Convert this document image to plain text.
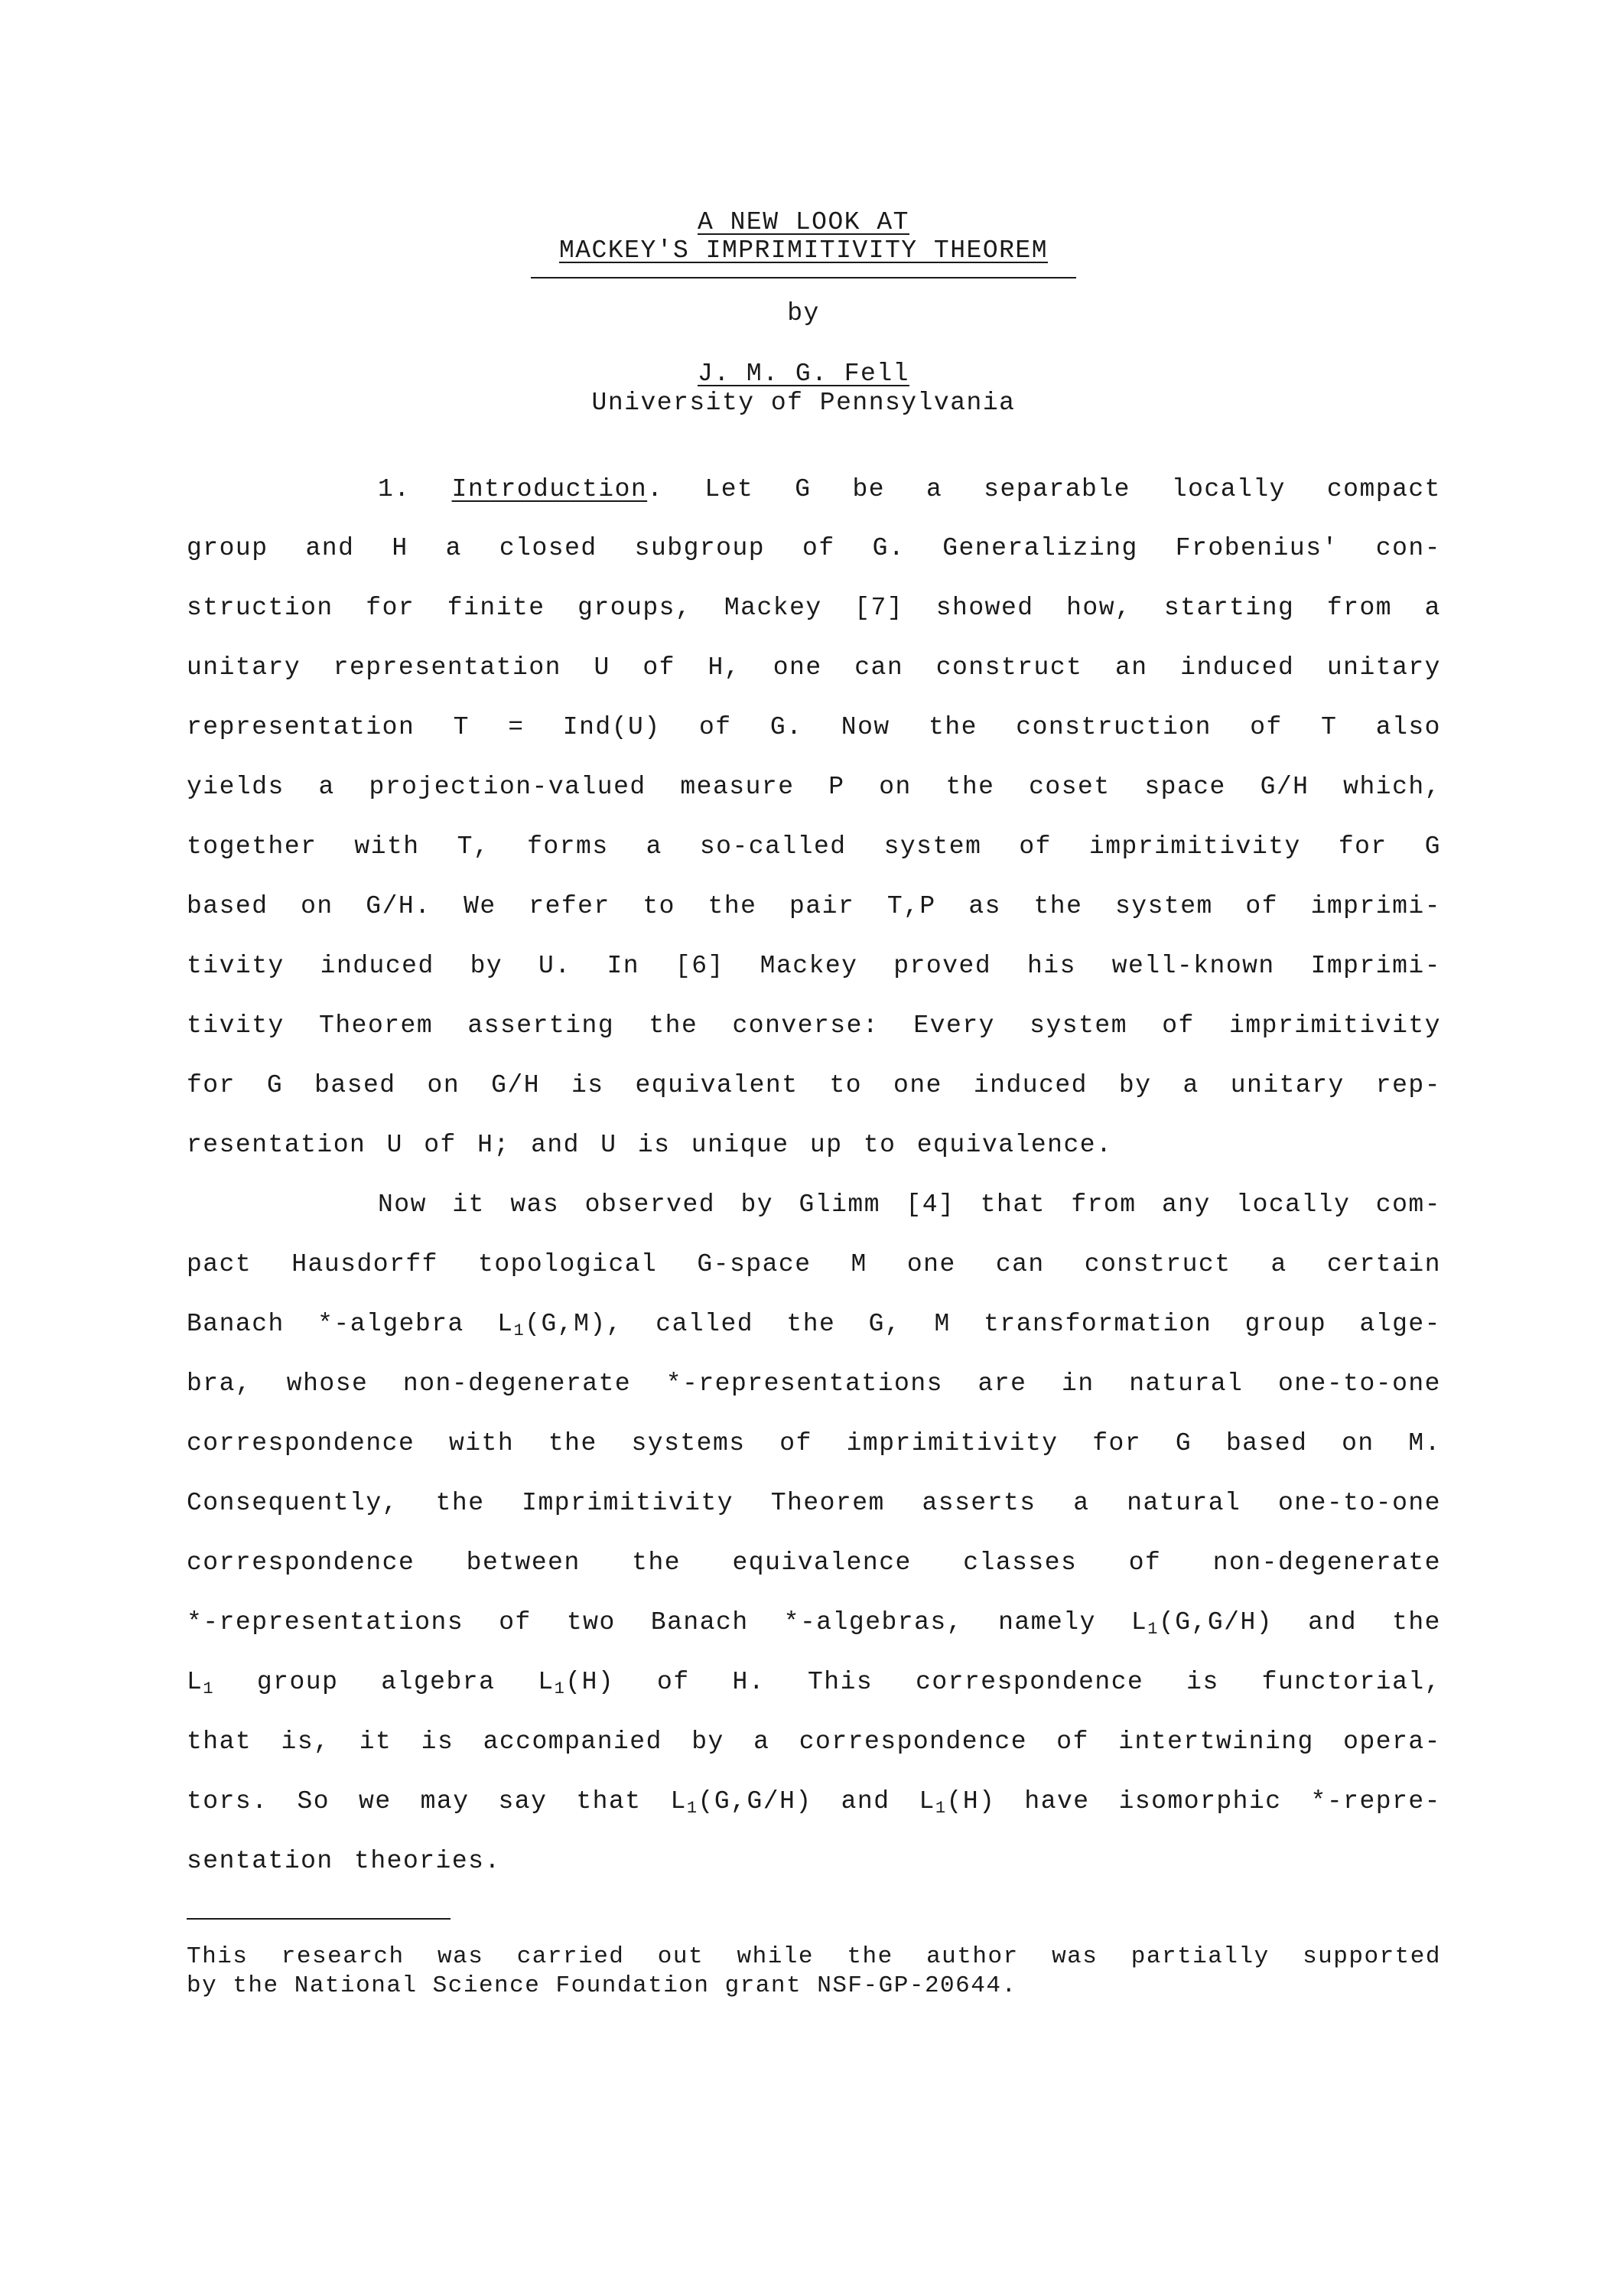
A NEW LOOK AT
MACKEY'S IMPRIMITIVITY THEOREM
by
J. M. G. Fell
University of Pennsylvania
1. Introduction. Let G be a separable locally compact
group and H a closed subgroup of G. Generalizing Frobenius' con-
struction for finite groups, Mackey [7] showed how, starting from a
unitary representation U of H, one can construct an induced unitary
representation T = Ind(U) of G. Now the construction of T also
yields a projection-valued measure P on the coset space G/H which,
together with T, forms a so-called system of imprimitivity for G
based on G/H. We refer to the pair T,P as the system of imprimi-
tivity induced by U. In [6] Mackey proved his well-known Imprimi-
tivity Theorem asserting the converse: Every system of imprimitivity
for G based on G/H is equivalent to one induced by a unitary rep-
resentation U of H; and U is unique up to equivalence.
Now it was observed by Glimm [4] that from any locally com-
pact Hausdorff topological G-space M one can construct a certain
Banach *-algebra $L_1(G,M)$, called the G, M transformation group alge-
bra, whose non-degenerate *-representations are in natural one-to-one
correspondence with the systems of imprimitivity for G based on M.
Consequently, the Imprimitivity Theorem asserts a natural one-to-one
correspondence between the equivalence classes of non-degenerate
*-representations of two Banach *-algebras, namely $L_1(G,G/H)$ and the
$L_1$ group algebra $L_1(H)$ of H. This correspondence is functorial,
that is, it is accompanied by a correspondence of intertwining opera-
tors. So we may say that $L_1(G,G/H)$ and $L_1(H)$ have isomorphic *-repre-
sentation theories.
This research was carried out while the author was partially supported
by the National Science Foundation grant NSF-GP-20644.
